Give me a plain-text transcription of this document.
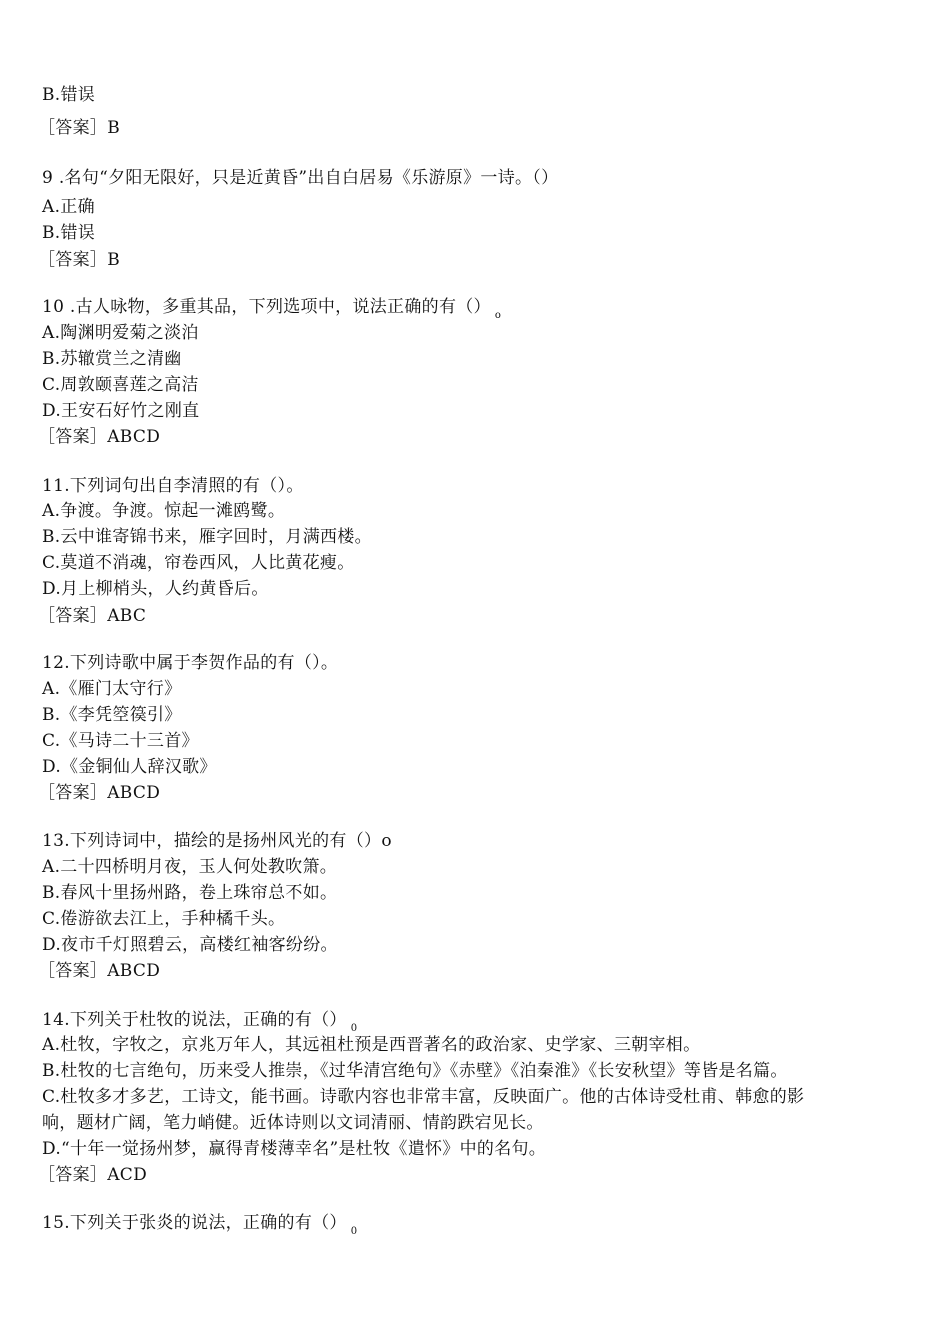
B.错误
［答案］B
9 .名句“夕阳无限好，只是近黄昏”出自白居易《乐游原》一诗。（）
A.正确
B.错误
［答案］B
10 .古人咏物，多重其品，下列选项中，说法正确的有（） $_o$
A.陶渊明爱菊之淡泊
B.苏辙赏兰之清幽
C.周敦颐喜莲之高洁
D.王安石好竹之刚直
［答案］ABCD
11.下列词句出自李清照的有（）。
A.争渡。争渡。惊起一滩鸥鹭。
B.云中谁寄锦书来，雁字回时，月满西楼。
C.莫道不消魂，帘卷西风，人比黄花瘦。
D.月上柳梢头，人约黄昏后。
［答案］ABC
12.下列诗歌中属于李贺作品的有（）。
A.《雁门太守行》
B.《李凭箜篌引》
C.《马诗二十三首》
D.《金铜仙人辞汉歌》
［答案］ABCD
13.下列诗词中，描绘的是扬州风光的有（）o
A.二十四桥明月夜，玉人何处教吹箫。
B.春风十里扬州路，卷上珠帘总不如。
C.倦游欲去江上，手种橘千头。
D.夜市千灯照碧云，高楼红袖客纷纷。
［答案］ABCD
14.下列关于杜牧的说法，正确的有（） $_0$
A.杜牧，字牧之，京兆万年人，其远祖杜预是西晋著名的政治家、史学家、三朝宰相。
B.杜牧的七言绝句，历来受人推崇，《过华清宫绝句》《赤壁》《泊秦淮》《长安秋望》等皆是名篇。
C.杜牧多才多艺，工诗文，能书画。诗歌内容也非常丰富，反映面广。他的古体诗受杜甫、韩愈的影
响，题材广阔，笔力峭健。近体诗则以文词清丽、情韵跌宕见长。
D.“十年一觉扬州梦，赢得青楼薄幸名”是杜牧《遣怀》中的名句。
［答案］ACD
15.下列关于张炎的说法，正确的有（） $_0$
